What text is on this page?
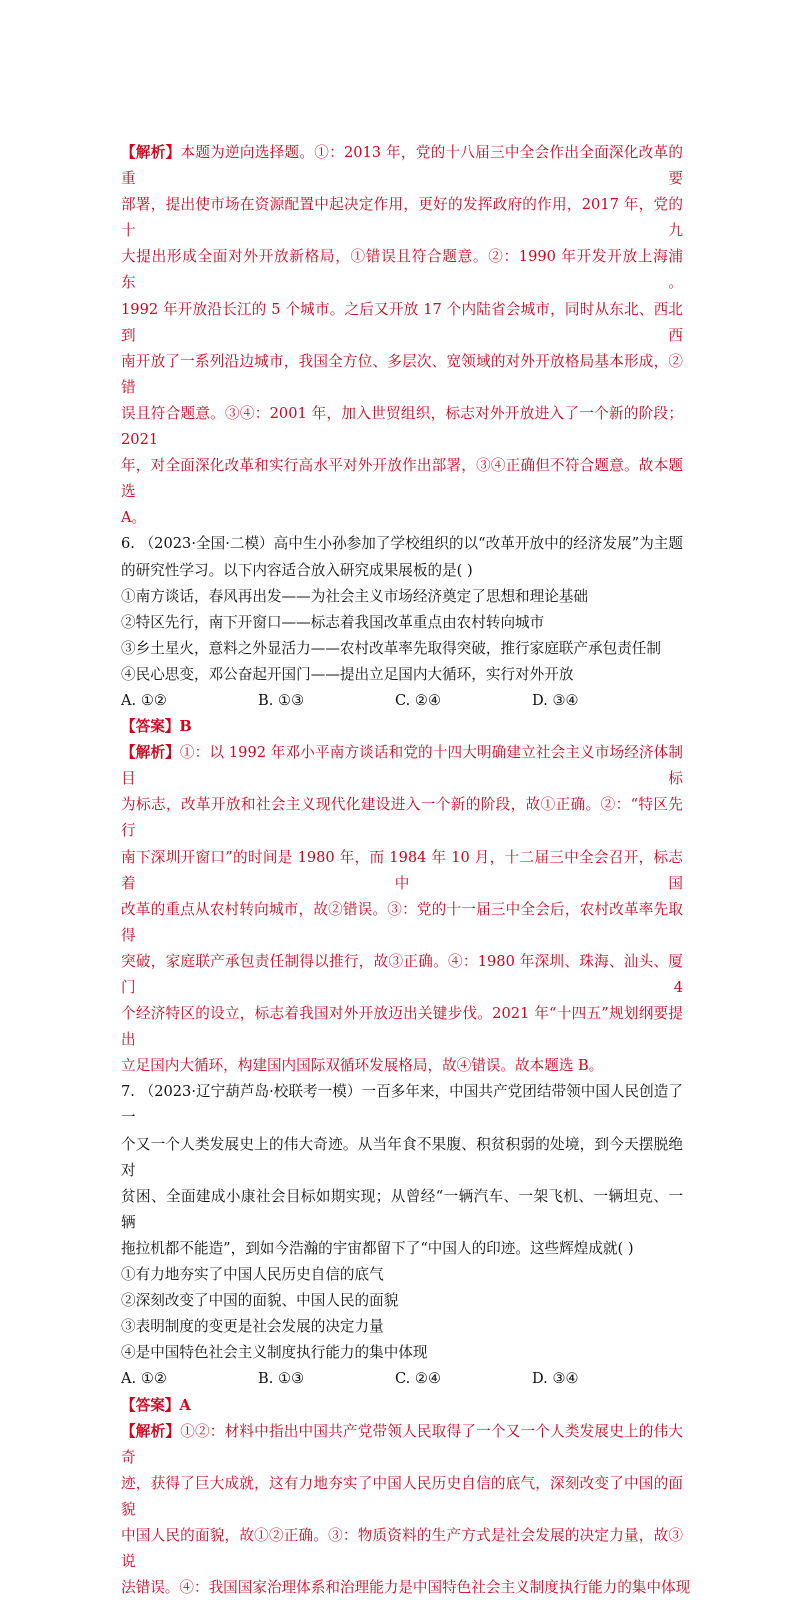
【解析】本题为逆向选择题。①：2013 年，党的十八届三中全会作出全面深化改革的重要
部署，提出使市场在资源配置中起决定作用，更好的发挥政府的作用，2017 年，党的十九
大提出形成全面对外开放新格局，①错误且符合题意。②：1990 年开发开放上海浦东。
1992 年开放沿长江的 5 个城市。之后又开放 17 个内陆省会城市，同时从东北、西北到西
南开放了一系列沿边城市，我国全方位、多层次、宽领域的对外开放格局基本形成，②错
误且符合题意。③④：2001 年，加入世贸组织，标志对外开放进入了一个新的阶段；2021
年，对全面深化改革和实行高水平对外开放作出部署，③④正确但不符合题意。故本题选
A。
6. （2023·全国·二模）高中生小孙参加了学校组织的以“改革开放中的经济发展”为主题
的研究性学习。以下内容适合放入研究成果展板的是( )
①南方谈话，春风再出发——为社会主义市场经济奠定了思想和理论基础
②特区先行，南下开窗口——标志着我国改革重点由农村转向城市
③乡土星火，意料之外显活力——农村改革率先取得突破，推行家庭联产承包责任制
④民心思变，邓公奋起开国门——提出立足国内大循环，实行对外开放
A. ①②	B. ①③	C. ②④	D. ③④
【答案】B
【解析】①：以 1992 年邓小平南方谈话和党的十四大明确建立社会主义市场经济体制目标
为标志，改革开放和社会主义现代化建设进入一个新的阶段，故①正确。②：“特区先行
南下深圳开窗口”的时间是 1980 年，而 1984 年 10 月，十二届三中全会召开，标志着中国
改革的重点从农村转向城市，故②错误。③：党的十一届三中全会后，农村改革率先取得
突破，家庭联产承包责任制得以推行，故③正确。④：1980 年深圳、珠海、汕头、厦门 4
个经济特区的设立，标志着我国对外开放迈出关键步伐。2021 年“十四五”规划纲要提出
立足国内大循环，构建国内国际双循环发展格局，故④错误。故本题选 B。
7. （2023·辽宁葫芦岛·校联考一模）一百多年来，中国共产党团结带领中国人民创造了一
个又一个人类发展史上的伟大奇迹。从当年食不果腹、积贫积弱的处境，到今天摆脱绝对
贫困、全面建成小康社会目标如期实现；从曾经“一辆汽车、一架飞机、一辆坦克、一辆
拖拉机都不能造”，到如今浩瀚的宇宙都留下了“中国人的印迹。这些辉煌成就( )
①有力地夯实了中国人民历史自信的底气
②深刻改变了中国的面貌、中国人民的面貌
③表明制度的变更是社会发展的决定力量
④是中国特色社会主义制度执行能力的集中体现
A. ①②	B. ①③	C. ②④	D. ③④
【答案】A
【解析】①②：材料中指出中国共产党带领人民取得了一个又一个人类发展史上的伟大奇
迹，获得了巨大成就，这有力地夯实了中国人民历史自信的底气，深刻改变了中国的面貌
中国人民的面貌，故①②正确。③：物质资料的生产方式是社会发展的决定力量，故③说
法错误。④：我国国家治理体系和治理能力是中国特色社会主义制度执行能力的集中体现
